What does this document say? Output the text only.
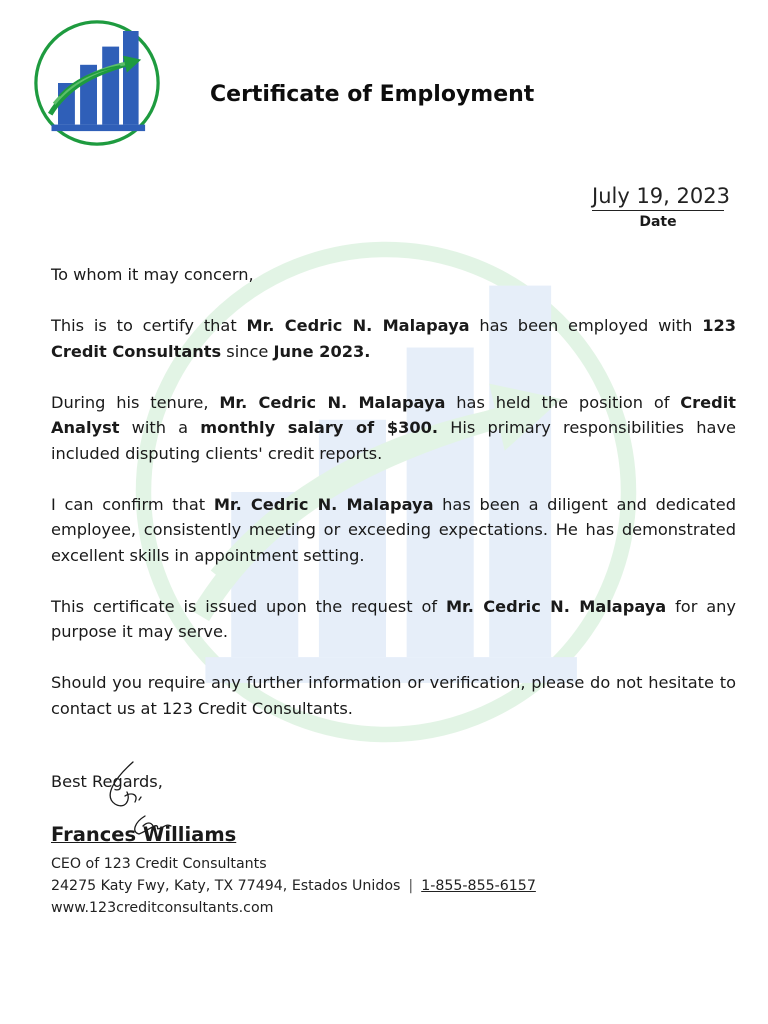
Certificate of Employment
July 19, 2023
Date

To whom it may concern,

This is to certify that Mr. Cedric N. Malapaya has been employed with 123 Credit Consultants since June 2023.

During his tenure, Mr. Cedric N. Malapaya has held the position of Credit Analyst with a monthly salary of $300. His primary responsibilities have included disputing clients' credit reports.

I can confirm that Mr. Cedric N. Malapaya has been a diligent and dedicated employee, consistently meeting or exceeding expectations. He has demonstrated excellent skills in appointment setting.

This certificate is issued upon the request of Mr. Cedric N. Malapaya for any purpose it may serve.

Should you require any further information or verification, please do not hesitate to contact us at 123 Credit Consultants.

Best Regards,
Frances Williams
CEO of 123 Credit Consultants
24275 Katy Fwy, Katy, TX 77494, Estados Unidos | 1-855-855-6157
www.123creditconsultants.com
